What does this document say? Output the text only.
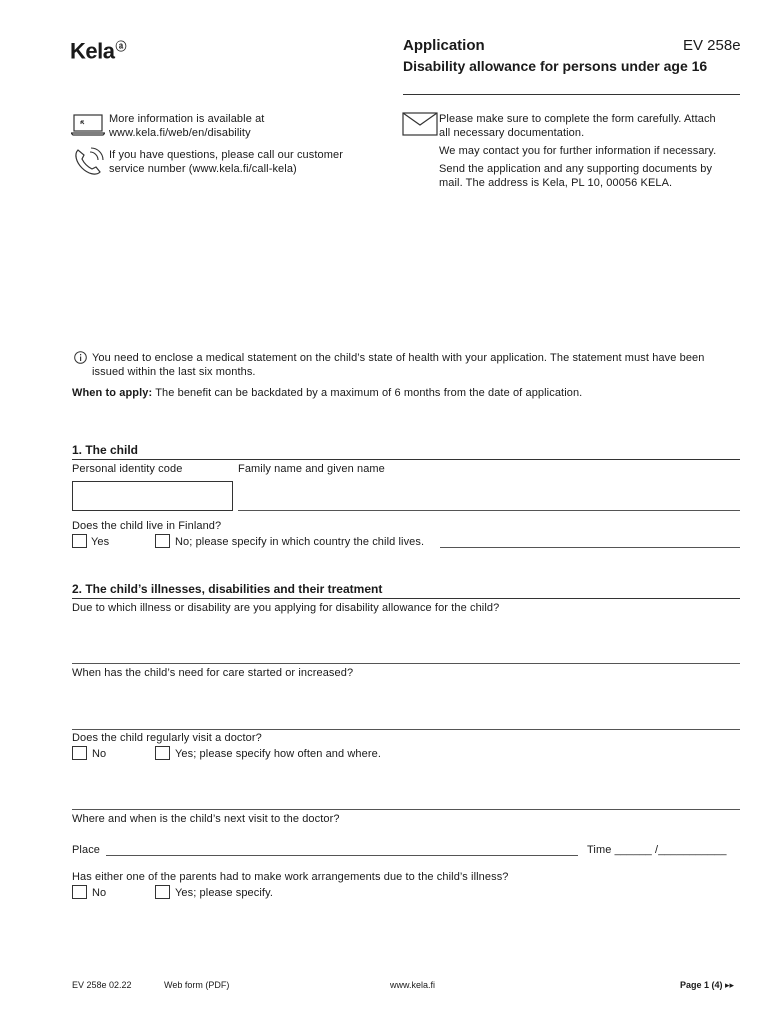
Kelaⓐ	Application	EV 258e
Disability allowance for persons under age 16
More information is available at
www.kela.fi/web/en/disability
If you have questions, please call our customer
service number (www.kela.fi/call-kela)
Please make sure to complete the form carefully. Attach
all necessary documentation.
We may contact you for further information if necessary.
Send the application and any supporting documents by
mail. The address is Kela, PL 10, 00056 KELA.
You need to enclose a medical statement on the child’s state of health with your application. The statement must have been
issued within the last six months.
When to apply: The benefit can be backdated by a maximum of 6 months from the date of application.
1. The child
Personal identity code	Family name and given name
Does the child live in Finland?
Yes	No; please specify in which country the child lives.
2. The child’s illnesses, disabilities and their treatment
Due to which illness or disability are you applying for disability allowance for the child?
When has the child’s need for care started or increased?
Does the child regularly visit a doctor?
No	Yes; please specify how often and where.
Where and when is the child’s next visit to the doctor?
Place	Time ______ /___________
Has either one of the parents had to make work arrangements due to the child’s illness?
No	Yes; please specify.
EV 258e 02.22	Web form (PDF)	www.kela.fi	Page 1 (4) ▸▸
